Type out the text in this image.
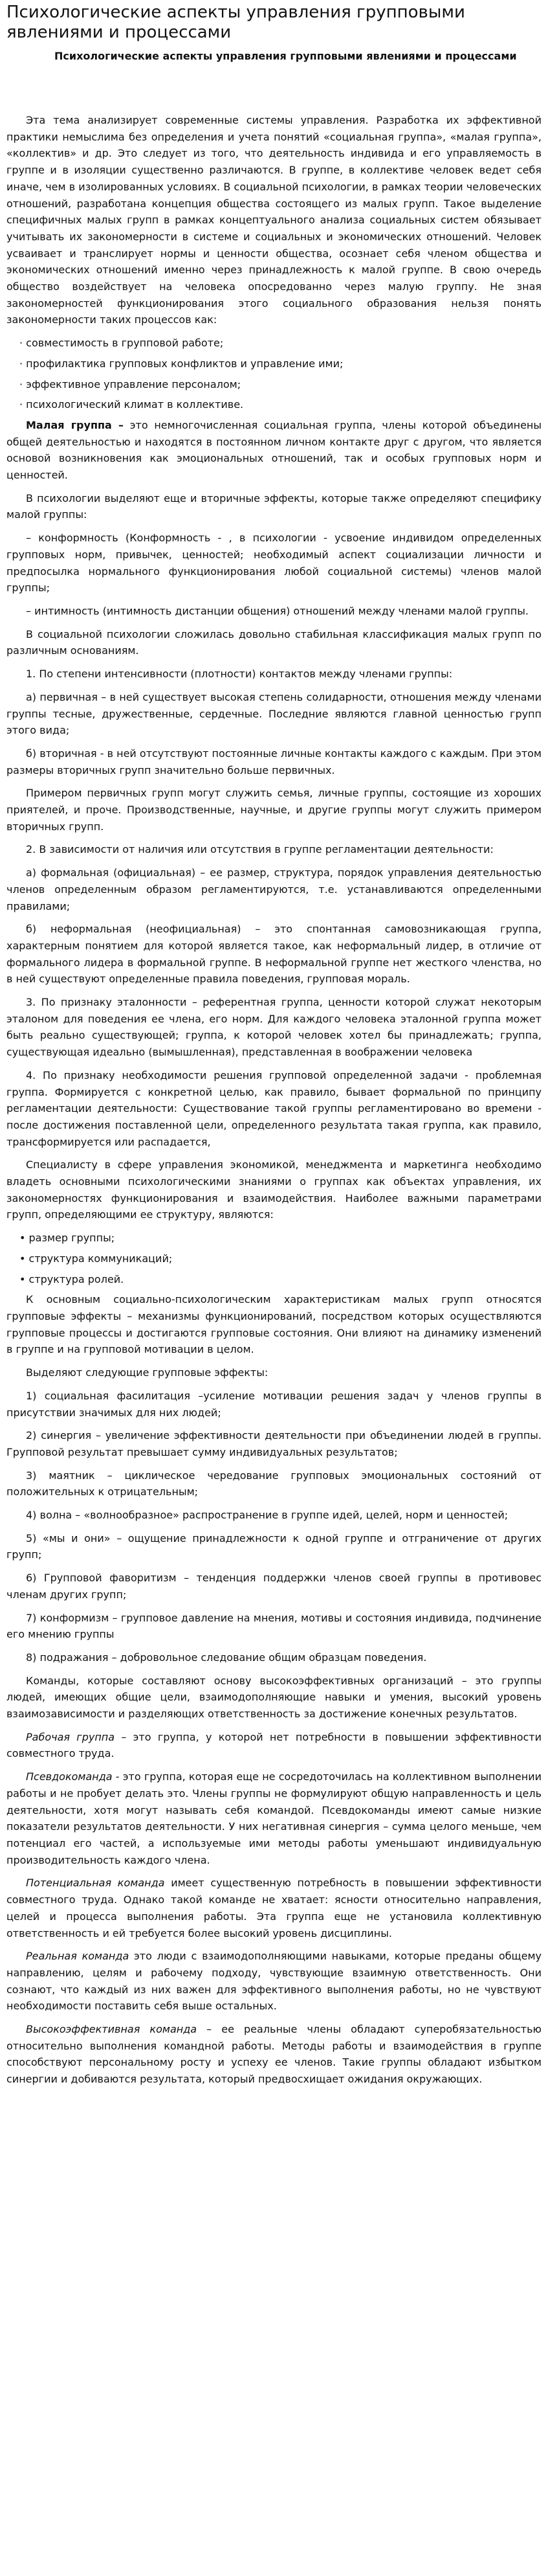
Психологические аспекты управления групповыми явлениями и процессами
Психологические аспекты управления групповыми явлениями и процессами

Эта тема анализирует современные системы управления. Разработка их эффективной практики немыслима без определения и учета понятий «социальная группа», «малая группа», «коллектив» и др. Это следует из того, что деятельность индивида и его управляемость в группе и в изоляции существенно различаются. В группе, в коллективе человек ведет себя иначе, чем в изолированных условиях. В социальной психологии, в рамках теории человеческих отношений, разработана концепция общества состоящего из малых групп. Такое выделение специфичных малых групп в рамках концептуального анализа социальных систем обязывает учитывать их закономерности в системе и социальных и экономических отношений. Человек усваивает и транслирует нормы и ценности общества, осознает себя членом общества и экономических отношений именно через принадлежность к малой группе. В свою очередь общество воздействует на человека опосредованно через малую группу. Не зная закономерностей функционирования этого социального образования нельзя понять закономерности таких процессов как:

· совместимость в групповой работе;

· профилактика групповых конфликтов и управление ими;

· эффективное управление персоналом;

· психологический климат в коллективе.

Малая группа – это немногочисленная социальная группа, члены которой объединены общей деятельностью и находятся в постоянном личном контакте друг с другом, что является основой возникновения как эмоциональных отношений, так и особых групповых норм и ценностей.

В психологии выделяют еще и вторичные эффекты, которые также определяют специфику малой группы:

– конформность (Конформность - , в психологии - усвоение индивидом определенных групповых норм, привычек, ценностей; необходимый аспект социализации личности и предпосылка нормального функционирования любой социальной системы) членов малой группы;

– интимность (интимность дистанции общения) отношений между членами малой группы.

В социальной психологии сложилась довольно стабильная классификация малых групп по различным основаниям.

1. По степени интенсивности (плотности) контактов между членами группы:

а) первичная – в ней существует высокая степень солидарности, отношения между членами группы тесные, дружественные, сердечные. Последние являются главной ценностью групп этого вида;

б) вторичная - в ней отсутствуют постоянные личные контакты каждого с каждым. При этом размеры вторичных групп значительно больше первичных.

Примером первичных групп могут служить семья, личные группы, состоящие из хороших приятелей, и проче. Производственные, научные, и другие группы могут служить примером вторичных групп.

2. В зависимости от наличия или отсутствия в группе регламентации деятельности:

а) формальная (официальная) – ее размер, структура, порядок управления деятельностью членов определенным образом регламентируются, т.е. устанавливаются определенными правилами;

б) неформальная (неофициальная) – это спонтанная самовозникающая группа, характерным понятием для которой является такое, как неформальный лидер, в отличие от формального лидера в формальной группе. В неформальной группе нет жесткого членства, но в ней существуют определенные правила поведения, групповая мораль.

3. По признаку эталонности – референтная группа, ценности которой служат некоторым эталоном для поведения ее члена, его норм. Для каждого человека эталонной группа может быть реально существующей; группа, к которой человек хотел бы принадлежать; группа, существующая идеально (вымышленная), представленная в воображении человека

4. По признаку необходимости решения групповой определенной задачи - проблемная группа. Формируется с конкретной целью, как правило, бывает формальной по принципу регламентации деятельности: Существование такой группы регламентировано во времени - после достижения поставленной цели, определенного результата такая группа, как правило, трансформируется или распадается,

Специалисту в сфере управления экономикой, менеджмента и маркетинга необходимо владеть основными психологическими знаниями о группах как объектах управления, их закономерностях функционирования и взаимодействия. Наиболее важными параметрами групп, определяющими ее структуру, являются:

• размер группы;

• структура коммуникаций;

• структура ролей.

К основным социально-психологическим характеристикам малых групп относятся групповые эффекты – механизмы функционирований, посредством которых осуществляются групповые процессы и достигаются групповые состояния. Они влияют на динамику изменений в группе и на групповой мотивации в целом.

Выделяют следующие групповые эффекты:

1) социальная фасилитация –усиление мотивации решения задач у членов группы в присутствии значимых для них людей;

2) синергия – увеличение эффективности деятельности при объединении людей в группы. Групповой результат превышает сумму индивидуальных результатов;

3) маятник – циклическое чередование групповых эмоциональных состояний от положительных к отрицательным;

4) волна – «волнообразное» распространение в группе идей, целей, норм и ценностей;

5) «мы и они» – ощущение принадлежности к одной группе и отграничение от других групп;

6) Групповой фаворитизм – тенденция поддержки членов своей группы в противовес членам других групп;

7) конформизм – групповое давление на мнения, мотивы и состояния индивида, подчинение его мнению группы

8) подражания – добровольное следование общим образцам поведения.

Команды, которые составляют основу высокоэффективных организаций – это группы людей, имеющих общие цели, взаимодополняющие навыки и умения, высокий уровень взаимозависимости и разделяющих ответственность за достижение конечных результатов.

Рабочая группа – это группа, у которой нет потребности в повышении эффективности совместного труда.

Псевдокоманда - это группа, которая еще не сосредоточилась на коллективном выполнении работы и не пробует делать это. Члены группы не формулируют общую направленность и цель деятельности, хотя могут называть себя командой. Псевдокоманды имеют самые низкие показатели результатов деятельности. У них негативная синергия – сумма целого меньше, чем потенциал его частей, а используемые ими методы работы уменьшают индивидуальную производительность каждого члена.

Потенциальная команда имеет существенную потребность в повышении эффективности совместного труда. Однако такой команде не хватает: ясности относительно направления, целей и процесса выполнения работы. Эта группа еще не установила коллективную ответственность и ей требуется более высокий уровень дисциплины.

Реальная команда это люди с взаимодополняющими навыками, которые преданы общему направлению, целям и рабочему подходу, чувствующие взаимную ответственность. Они сознают, что каждый из них важен для эффективного выполнения работы, но не чувствуют необходимости поставить себя выше остальных.

Высокоэффективная команда – ее реальные члены обладают суперобязательностью относительно выполнения командной работы. Методы работы и взаимодействия в группе способствуют персональному росту и успеху ее членов. Такие группы обладают избытком синергии и добиваются результата, который предвосхищает ожидания окружающих.
